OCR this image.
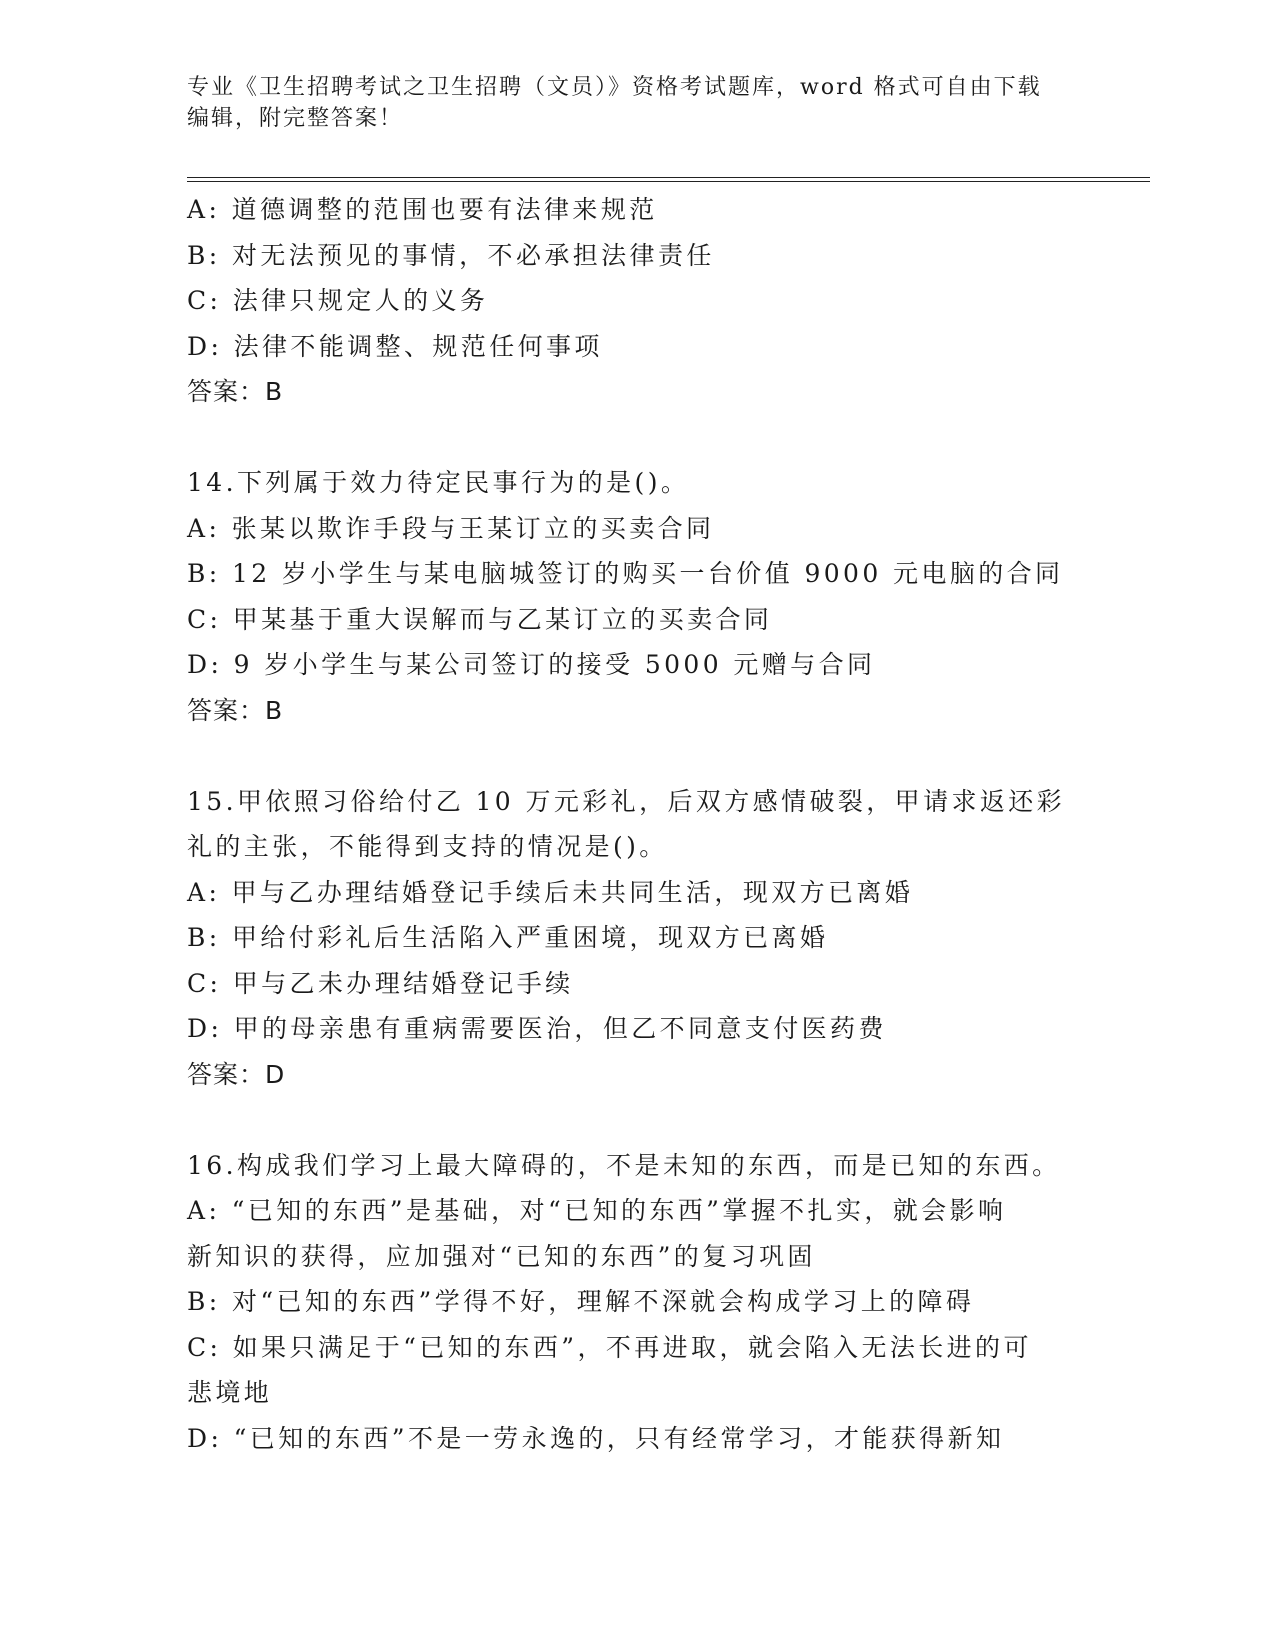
专业《卫生招聘考试之卫生招聘（文员）》资格考试题库，word 格式可自由下载
编辑，附完整答案！
A: 道德调整的范围也要有法律来规范
B: 对无法预见的事情，不必承担法律责任
C: 法律只规定人的义务
D: 法律不能调整、规范任何事项
答案：B
14.下列属于效力待定民事行为的是()。
A: 张某以欺诈手段与王某订立的买卖合同
B: 12 岁小学生与某电脑城签订的购买一台价值 9000 元电脑的合同
C: 甲某基于重大误解而与乙某订立的买卖合同
D: 9 岁小学生与某公司签订的接受 5000 元赠与合同
答案：B
15.甲依照习俗给付乙 10 万元彩礼，后双方感情破裂，甲请求返还彩
礼的主张，不能得到支持的情况是()。
A: 甲与乙办理结婚登记手续后未共同生活，现双方已离婚
B: 甲给付彩礼后生活陷入严重困境，现双方已离婚
C: 甲与乙未办理结婚登记手续
D: 甲的母亲患有重病需要医治，但乙不同意支付医药费
答案：D
16.构成我们学习上最大障碍的，不是未知的东西，而是已知的东西。
A: “已知的东西”是基础，对“已知的东西”掌握不扎实，就会影响
新知识的获得，应加强对“已知的东西”的复习巩固
B: 对“已知的东西”学得不好，理解不深就会构成学习上的障碍
C: 如果只满足于“已知的东西”，不再进取，就会陷入无法长进的可
悲境地
D: “已知的东西”不是一劳永逸的，只有经常学习，才能获得新知
